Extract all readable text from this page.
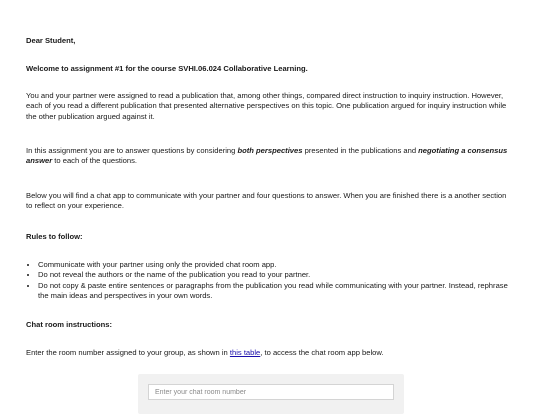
Dear Student,
Welcome to assignment #1 for the course SVHI.06.024 Collaborative Learning.

You and your partner were assigned to read a publication that, among other things, compared direct instruction to inquiry instruction. However, each of you read a different publication that presented alternative perspectives on this topic. One publication argued for inquiry instruction while the other publication argued against it.

In this assignment you are to answer questions by considering both perspectives presented in the publications and negotiating a consensus answer to each of the questions.

Below you will find a chat app to communicate with your partner and four questions to answer. When you are finished there is a another section to reflect on your experience.

Rules to follow:
• Communicate with your partner using only the provided chat room app.
• Do not reveal the authors or the name of the publication you read to your partner.
• Do not copy & paste entire sentences or paragraphs from the publication you read while communicating with your partner. Instead, rephrase the main ideas and perspectives in your own words.
Chat room instructions:

Enter the room number assigned to your group, as shown in this table, to access the chat room app below.

Enter your chat room number
